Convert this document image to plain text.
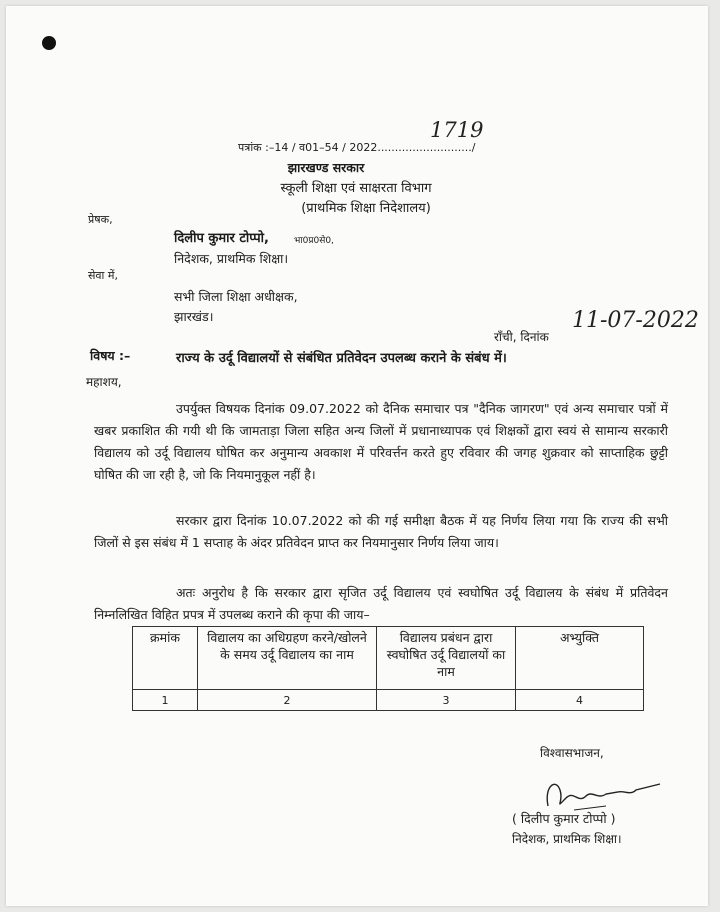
पत्रांक :–14 / व01–54 / 2022.........................../
1719
झारखण्ड सरकार
स्कूली शिक्षा एवं साक्षरता विभाग
(प्राथमिक शिक्षा निदेशालय)
प्रेषक,
दिलीप कुमार टोप्पो,	भा0प्र0से0,
निदेशक, प्राथमिक शिक्षा।
सेवा में,
सभी जिला शिक्षा अधीक्षक,
झारखंड।
राँची, दिनांक
11-07-2022
विषय :–	राज्य के उर्दू विद्यालयों से संबंधित प्रतिवेदन उपलब्ध कराने के संबंध में।
महाशय,
उपर्युक्त विषयक दिनांक 09.07.2022 को दैनिक समाचार पत्र "दैनिक जागरण" एवं अन्य समाचार पत्रों में खबर प्रकाशित की गयी थी कि जामताड़ा जिला सहित अन्य जिलों में प्रधानाध्यापक एवं शिक्षकों द्वारा स्वयं से सामान्य सरकारी विद्यालय को उर्दू विद्यालय घोषित कर अनुमान्य अवकाश में परिवर्त्तन करते हुए रविवार की जगह शुक्रवार को साप्ताहिक छुट्टी घोषित की जा रही है, जो कि नियमानुकूल नहीं है।
सरकार द्वारा दिनांक 10.07.2022 को की गई समीक्षा बैठक में यह निर्णय लिया गया कि राज्य की सभी जिलों से इस संबंध में 1 सप्ताह के अंदर प्रतिवेदन प्राप्त कर नियमानुसार निर्णय लिया जाय।
अतः अनुरोध है कि सरकार द्वारा सृजित उर्दू विद्यालय एवं स्वघोषित उर्दू विद्यालय के संबंध में प्रतिवेदन निम्नलिखित विहित प्रपत्र में उपलब्ध कराने की कृपा की जाय–
क्रमांक	विद्यालय का अधिग्रहण करने/खोलने के समय उर्दू विद्यालय का नाम	विद्यालय प्रबंधन द्वारा स्वघोषित उर्दू विद्यालयों का नाम	अभ्युक्ति
1	2	3	4
विश्वासभाजन,
( दिलीप कुमार टोप्पो )
निदेशक, प्राथमिक शिक्षा।
